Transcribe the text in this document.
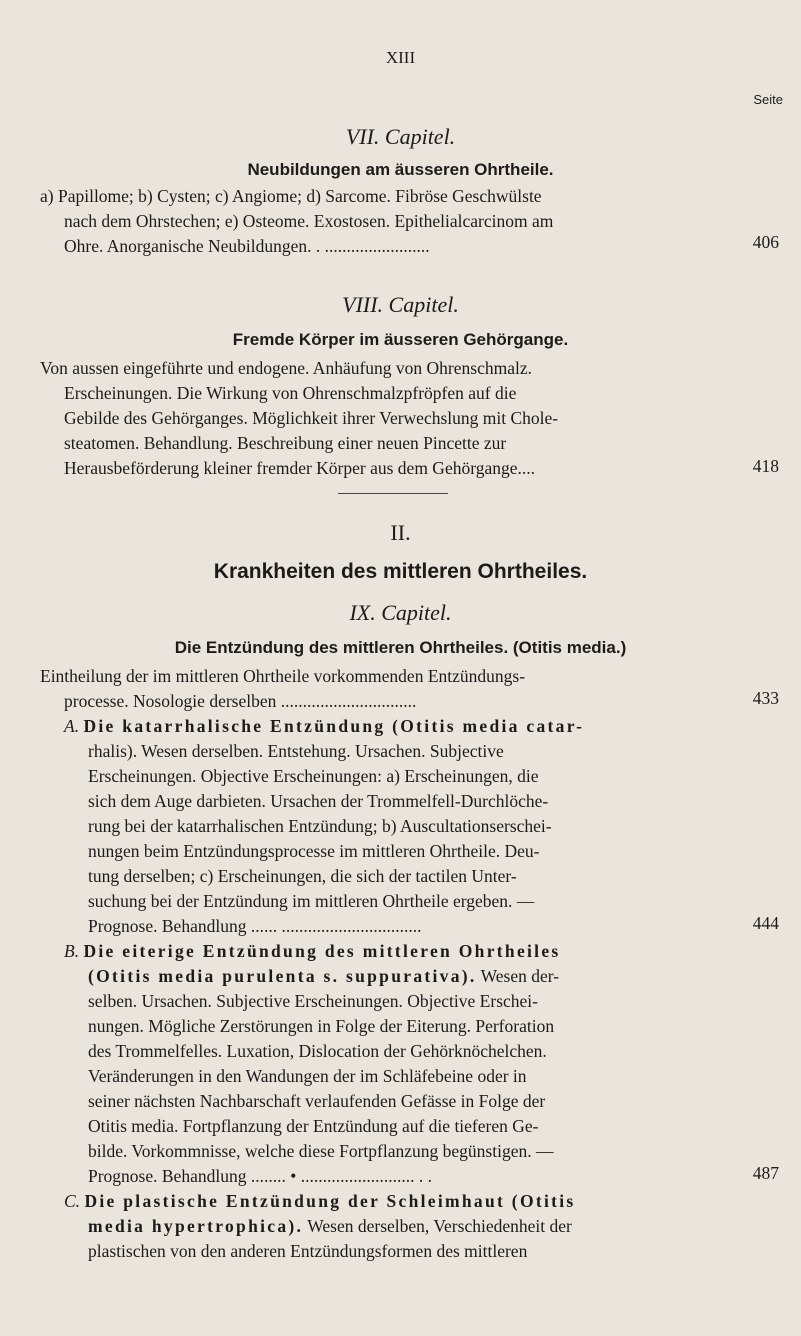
XIII
Seite
VII. Capitel.
Neubildungen am äusseren Ohrtheile.
a) Papillome; b) Cysten; c) Angiome; d) Sarcome. Fibröse Geschwülste
nach dem Ohrstechen; e) Osteome. Exostosen. Epithelialcarcinom am
Ohre. Anorganische Neubildungen. . ........................	406
VIII. Capitel.
Fremde Körper im äusseren Gehörgange.
Von aussen eingeführte und endogene. Anhäufung von Ohrenschmalz.
Erscheinungen. Die Wirkung von Ohrenschmalzpfröpfen auf die
Gebilde des Gehörganges. Möglichkeit ihrer Verwechslung mit Chole-
steatomen. Behandlung. Beschreibung einer neuen Pincette zur
Herausbeförderung kleiner fremder Körper aus dem Gehörgange....	418
II.
Krankheiten des mittleren Ohrtheiles.
IX. Capitel.
Die Entzündung des mittleren Ohrtheiles. (Otitis media.)
Eintheilung der im mittleren Ohrtheile vorkommenden Entzündungs-
processe. Nosologie derselben ...............................	433
A. Die katarrhalische Entzündung (Otitis media catar-
rhalis). Wesen derselben. Entstehung. Ursachen. Subjective
Erscheinungen. Objective Erscheinungen: a) Erscheinungen, die
sich dem Auge darbieten. Ursachen der Trommelfell-Durchlöche-
rung bei der katarrhalischen Entzündung; b) Auscultationserschei-
nungen beim Entzündungsprocesse im mittleren Ohrtheile. Deu-
tung derselben; c) Erscheinungen, die sich der tactilen Unter-
suchung bei der Entzündung im mittleren Ohrtheile ergeben. —
Prognose. Behandlung ...... ................................	444
B. Die eiterige Entzündung des mittleren Ohrtheiles
(Otitis media purulenta s. suppurativa). Wesen der-
selben. Ursachen. Subjective Erscheinungen. Objective Erschei-
nungen. Mögliche Zerstörungen in Folge der Eiterung. Perforation
des Trommelfelles. Luxation, Dislocation der Gehörknöchelchen.
Veränderungen in den Wandungen der im Schläfebeine oder in
seiner nächsten Nachbarschaft verlaufenden Gefässe in Folge der
Otitis media. Fortpflanzung der Entzündung auf die tieferen Ge-
bilde. Vorkommnisse, welche diese Fortpflanzung begünstigen. —
Prognose. Behandlung ........ • .......................... . .	487
C. Die plastische Entzündung der Schleimhaut (Otitis
media hypertrophica). Wesen derselben, Verschiedenheit der
plastischen von den anderen Entzündungsformen des mittleren
